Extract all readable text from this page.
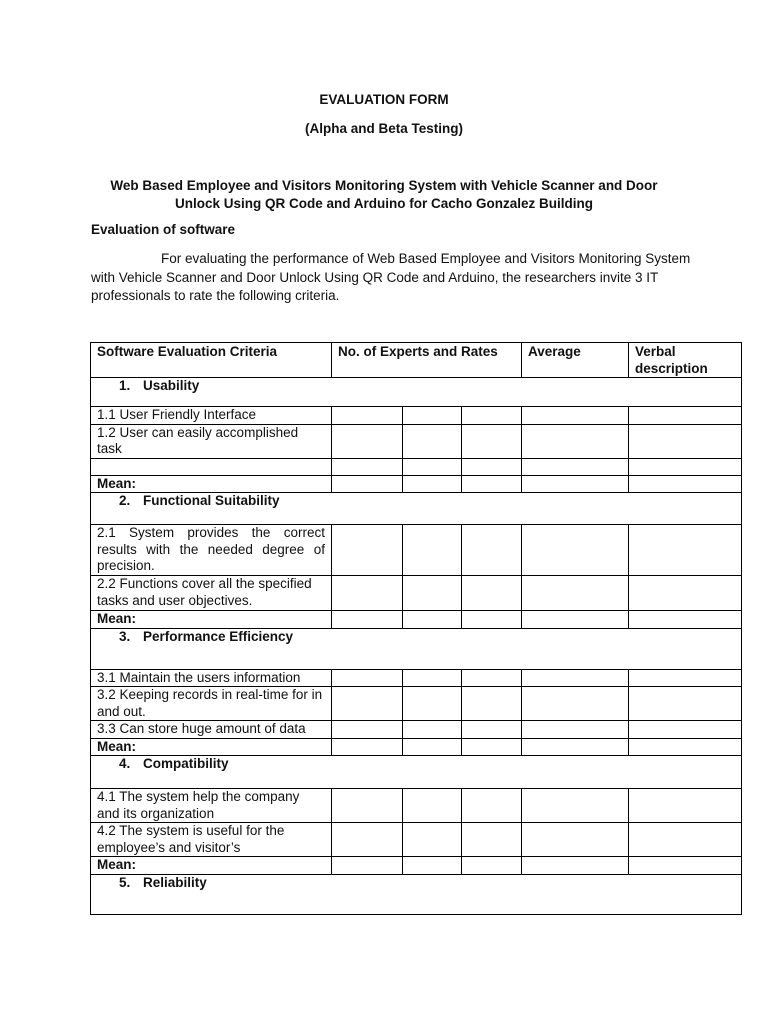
EVALUATION FORM
(Alpha and Beta Testing)
Web Based Employee and Visitors Monitoring System with Vehicle Scanner and Door
Unlock Using QR Code and Arduino for Cacho Gonzalez Building
Evaluation of software
For evaluating the performance of Web Based Employee and Visitors Monitoring System with Vehicle Scanner and Door Unlock Using QR Code and Arduino, the researchers invite 3 IT professionals to rate the following criteria.
Software Evaluation Criteria	No. of Experts and Rates			Average	Verbal description
1. Usability					
1.1 User Friendly Interface					
1.2 User can easily accomplished task					

Mean:					
2. Functional Suitability					
2.1 System provides the correct results with the needed degree of precision.					
2.2 Functions cover all the specified tasks and user objectives.					
Mean:					
3. Performance Efficiency					
3.1 Maintain the users information					
3.2 Keeping records in real-time for in and out.					
3.3 Can store huge amount of data					
Mean:					
4. Compatibility					
4.1 The system help the company and its organization					
4.2 The system is useful for the employee’s and visitor’s					
Mean:					
5. Reliability					
